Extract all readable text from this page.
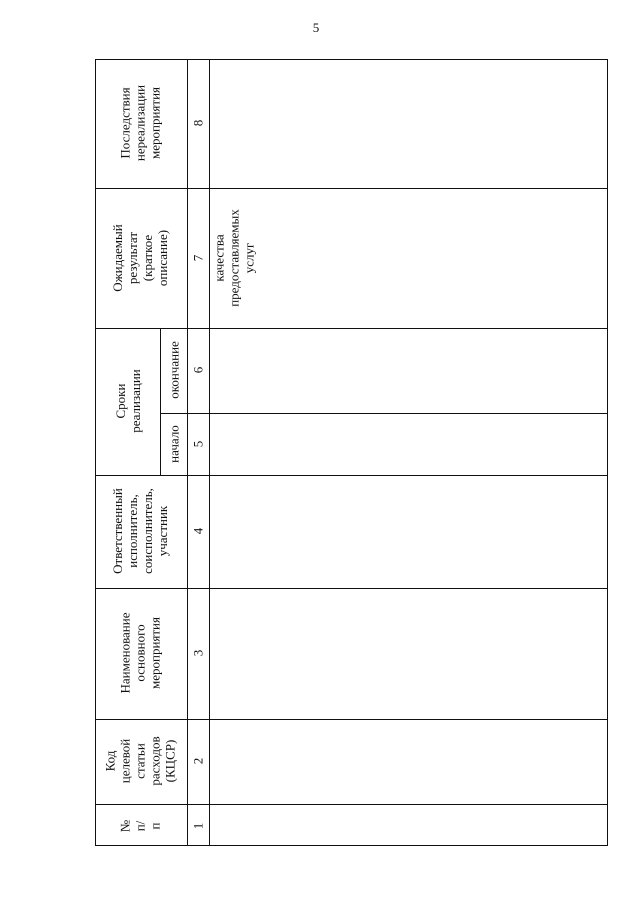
5
№
п/п
Код
целевой
статьи
расходов
(КЦСР)
Наименование
основного
мероприятия
Ответственный
исполнитель,
соисполнитель,
участник
Сроки реализации
начало
окончание
Ожидаемый
результат (краткое
описание)
Последствия
нереализации
мероприятия
1
2
3
4
5
6
7
8
качества
предоставляемых
услуг
